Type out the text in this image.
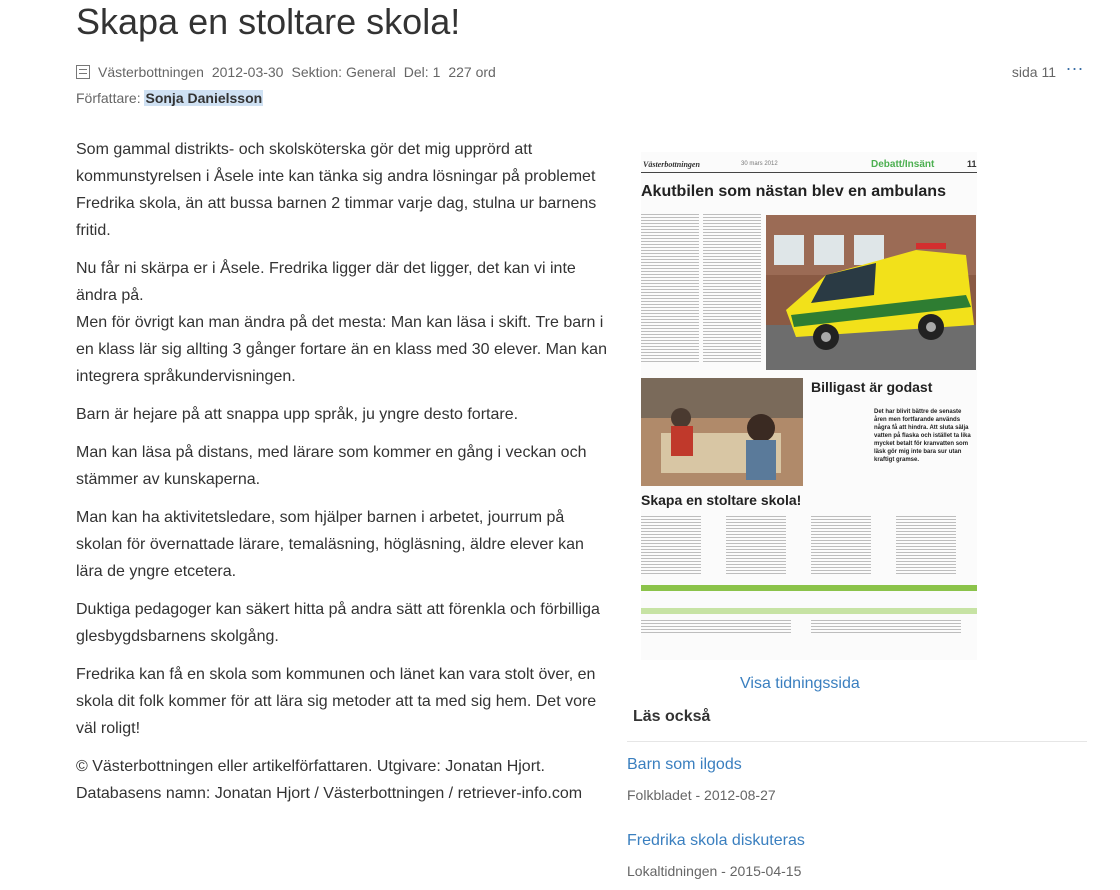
Skapa en stoltare skola!
Västerbottningen 2012-03-30 Sektion: General Del: 1 227 ord	sida 11 ...
Författare: Sonja Danielsson

Som gammal distrikts- och skolsköterska gör det mig upprörd att kommunstyrelsen i Åsele inte kan tänka sig andra lösningar på problemet Fredrika skola, än att bussa barnen 2 timmar varje dag, stulna ur barnens fritid.

Nu får ni skärpa er i Åsele. Fredrika ligger där det ligger, det kan vi inte ändra på.

Men för övrigt kan man ändra på det mesta: Man kan läsa i skift. Tre barn i en klass lär sig allting 3 gånger fortare än en klass med 30 elever. Man kan integrera språkundervisningen.

Barn är hejare på att snappa upp språk, ju yngre desto fortare.

Man kan läsa på distans, med lärare som kommer en gång i veckan och stämmer av kunskaperna.

Man kan ha aktivitetsledare, som hjälper barnen i arbetet, jourrum på skolan för övernattade lärare, temaläsning, högläsning, äldre elever kan lära de yngre etcetera.

Duktiga pedagoger kan säkert hitta på andra sätt att förenkla och förbilliga glesbygdsbarnens skolgång.

Fredrika kan få en skola som kommunen och länet kan vara stolt över, en skola dit folk kommer för att lära sig metoder att ta med sig hem. Det vore väl roligt!

© Västerbottningen eller artikelförfattaren. Utgivare: Jonatan Hjort. Databasens namn: Jonatan Hjort / Västerbottningen / retriever-info.com

Västerbottningen	30 mars 2012	Debatt/Insänt	11
Akutbilen som nästan blev en ambulans
Billigast är godast
Det har blivit bättre de senaste åren men fortfarande används några få att hindra. Att sluta sälja vatten på flaska och istället ta lika mycket betalt för kranvatten som läsk gör mig inte bara sur utan kraftigt gramse.
Skapa en stoltare skola!
Visa tidningssida
Läs också
Barn som ilgods
Folkbladet - 2012-08-27
Fredrika skola diskuteras
Lokaltidningen - 2015-04-15
